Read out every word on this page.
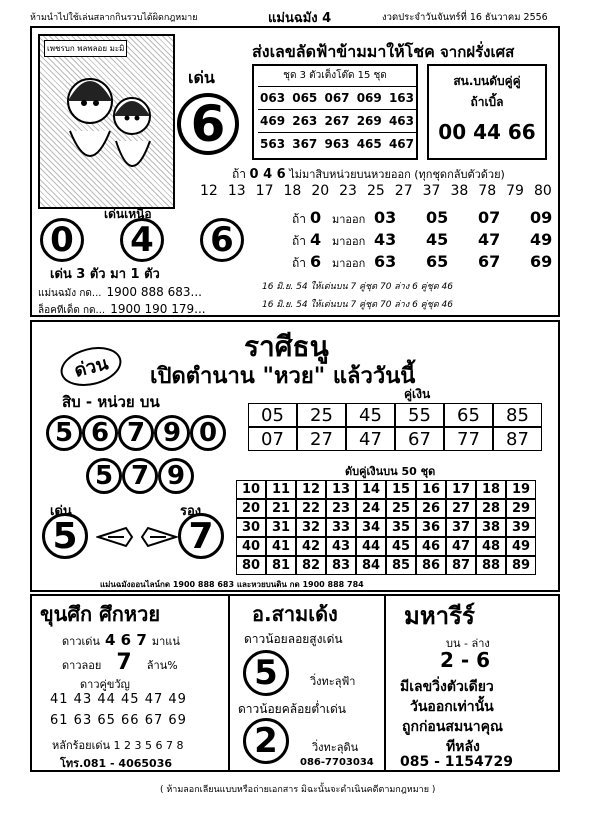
ห้ามนำไปใช้เล่นสลากกินรวบได้ผิดกฎหมาย	แม่นฉมัง 4	งวดประจำวันจันทร์ที่ 16 ธันวาคม 2556
เพชรบก พลพลอย มะมิ
เด่น
6
ส่งเลขลัดฟ้าข้ามมาให้โชค
ชุด 3 ตัวเต็งโต๊ด 15 ชุด
063 065 067 069 163
469 263 267 269 463
563 367 963 465 467
จากฝรั่งเศส
สน.บนดับคู่คู่
ถ้าเบิ้ล
00 44 66
ถ้า 0 4 6 ไม่มาสิบหน่วยบนหวยออก (ทุกชุดกลับตัวด้วย)
12 13 17 18 20 23 25 27 37 38 78 79 80
เด่นเหนือ
0 4 6
เด่น 3 ตัว มา 1 ตัว
แม่นฉมัง กด... 1900 888 683...
ล็อคทีเด็ด กด... 1900 190 179...
ถ้า 0 มาออก 03	05	07	09
ถ้า 4 มาออก 43	45	47	49
ถ้า 6 มาออก 63	65	67	69
16 มิ.ย. 54 ให้เด่นบน 7 คู่ชุด 70 ล่าง 6 คู่ชุด 46
16 มิ.ย. 54 ให้เด่นบน 7 คู่ชุด 70 ล่าง 6 คู่ชุด 46
ด่วน
ราศีธนู
เปิดตำนาน "หวย" แล้ววันนี้
คู่เงิน
05	25	45	55	65	85
07	27	47	67	77	87
สิบ - หน่วย บน
5 6 7 9 0
5 7 9
เด่น	รอง
5	7
ดับคู่เงินบน 50 ชุด
10 11 12 13 14 15 16 17 18 19
20 21 22 23 24 25 26 27 28 29
30 31 32 33 34 35 36 37 38 39
40 41 42 43 44 45 46 47 48 49
80 81 82 83 84 85 86 87 88 89
แม่นฉมังออนไลน์กด 1900 888 683 และหวยบนดิน กด 1900 888 784
ขุนศึก ศึกหวย
ดาวเด่น 4 6 7 มาแน่
ดาวลอย 7 ล้าน%
ดาวคู่ขวัญ
41 43 44 45 47 49
61 63 65 66 67 69
หลักร้อยเด่น 1 2 3 5 6 7 8
โทร.081 - 4065036
อ.สามเด้ง
ดาวน้อยลอยสูงเด่น
5	วิ่งทะลุฟ้า
ดาวน้อยคล้อยต่ำเด่น
2	วิ่งทะลุดิน
086-7703034
มหารีร์
บน - ล่าง
2 - 6
มีเลขวิ่งตัวเดียว
วันออกเท่านั้น
ถูกก่อนสมนาคุณ
ทีหลัง
085 - 1154729
( ห้ามลอกเลียนแบบหรือถ่ายเอกสาร มิฉะนั้นจะดำเนินคดีตามกฎหมาย )
